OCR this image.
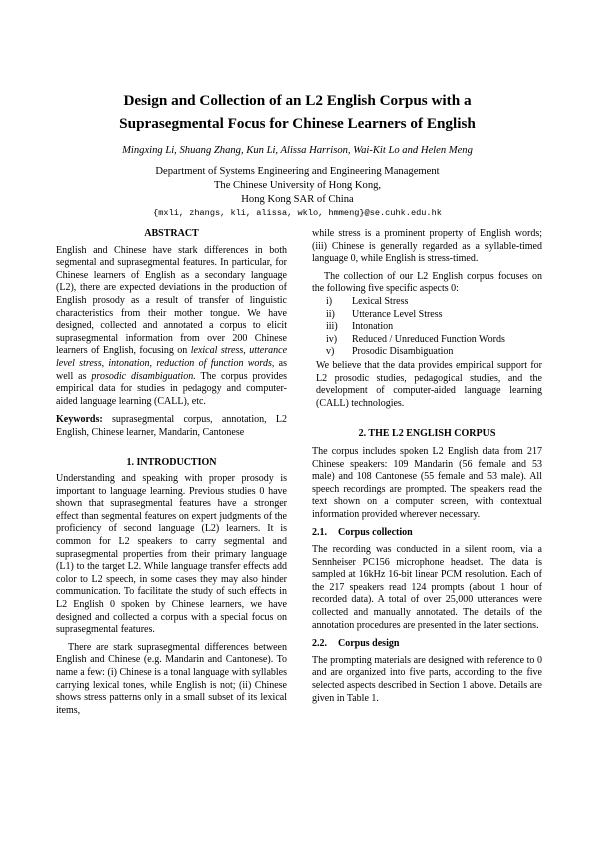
Design and Collection of an L2 English Corpus with a
Suprasegmental Focus for Chinese Learners of English
Mingxing Li, Shuang Zhang, Kun Li, Alissa Harrison, Wai-Kit Lo and Helen Meng
Department of Systems Engineering and Engineering Management
The Chinese University of Hong Kong,
Hong Kong SAR of China
{mxli, zhangs, kli, alissa, wklo, hmmeng}@se.cuhk.edu.hk
ABSTRACT

English and Chinese have stark differences in both segmental and suprasegmental features. In particular, for Chinese learners of English as a secondary language (L2), there are expected deviations in the production of English prosody as a result of transfer of linguistic characteristics from their mother tongue. We have designed, collected and annotated a corpus to elicit suprasegmental information from over 200 Chinese learners of English, focusing on lexical stress, utterance level stress, intonation, reduction of function words, as well as prosodic disambiguation. The corpus provides empirical data for studies in pedagogy and computer-aided language learning (CALL), etc.

Keywords: suprasegmental corpus, annotation, L2 English, Chinese learner, Mandarin, Cantonese

1. INTRODUCTION

Understanding and speaking with proper prosody is important to language learning. Previous studies 0 have shown that suprasegmental features have a stronger effect than segmental features on expert judgments of the proficiency of second language (L2) learners. It is common for L2 speakers to carry segmental and suprasegmental properties from their primary language (L1) to the target L2. While language transfer effects add color to L2 speech, in some cases they may also hinder communication. To facilitate the study of such effects in L2 English 0 spoken by Chinese learners, we have designed and collected a corpus with a special focus on suprasegmental features.

There are stark suprasegmental differences between English and Chinese (e.g. Mandarin and Cantonese). To name a few: (i) Chinese is a tonal language with syllables carrying lexical tones, while English is not; (ii) Chinese shows stress patterns only in a small subset of its lexical items,

while stress is a prominent property of English words; (iii) Chinese is generally regarded as a syllable-timed language 0, while English is stress-timed.

The collection of our L2 English corpus focuses on the following five specific aspects 0:

i) Lexical Stress
ii) Utterance Level Stress
iii) Intonation
iv) Reduced / Unreduced Function Words
v) Prosodic Disambiguation

We believe that the data provides empirical support for L2 prosodic studies, pedagogical studies, and the development of computer-aided language learning (CALL) technologies.

2. THE L2 ENGLISH CORPUS

The corpus includes spoken L2 English data from 217 Chinese speakers: 109 Mandarin (56 female and 53 male) and 108 Cantonese (55 female and 53 male). All speech recordings are prompted. The speakers read the text shown on a computer screen, with contextual information provided wherever necessary.

2.1. Corpus collection

The recording was conducted in a silent room, via a Sennheiser PC156 microphone headset. The data is sampled at 16kHz 16-bit linear PCM resolution. Each of the 217 speakers read 124 prompts (about 1 hour of recorded data). A total of over 25,000 utterances were collected and manually annotated. The details of the annotation procedures are presented in the later sections.

2.2. Corpus design

The prompting materials are designed with reference to 0 and are organized into five parts, according to the five selected aspects described in Section 1 above. Details are given in Table 1.
